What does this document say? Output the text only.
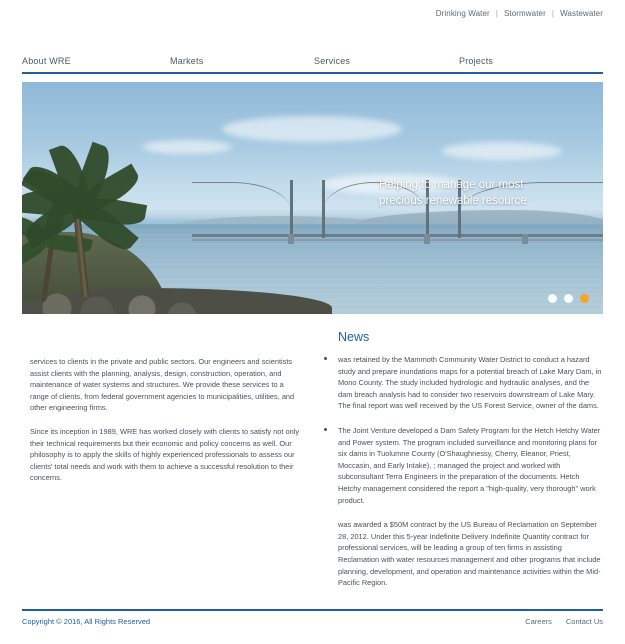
Drinking Water | Stormwater | Wastewater
About WRE	Markets	Services	Projects
Helping to manage our most
precious renewable resource

services to clients in the private and public sectors. Our engineers and scientists assist clients with the planning, analysis, design, construction, operation, and maintenance of water systems and structures. We provide these services to a range of clients, from federal government agencies to municipalities, utilities, and other engineering firms.

Since its inception in 1989, WRE has worked closely with clients to satisfy not only their technical requirements but their economic and policy concerns as well. Our philosophy is to apply the skills of highly experienced professionals to assess our clients' total needs and work with them to achieve a successful resolution to their concerns.

News
was retained by the Mammoth Community Water District to conduct a hazard study and prepare inundations maps for a potential breach of Lake Mary Dam, in Mono County. The study included hydrologic and hydraulic analyses, and the dam breach analysis had to consider two reservoirs downstream of Lake Mary. The final report was well received by the US Forest Service, owner of the dams.
The Joint Venture developed a Dam Safety Program for the Hetch Hetchy Water and Power system. The program included surveillance and monitoring plans for six dams in Tuolumne County (O'Shaughnessy, Cherry, Eleanor, Priest, Moccasin, and Early Intake), ; managed the project and worked with subconsultant Terra Engineers in the preparation of the documents. Hetch Hetchy management considered the report a "high-quality, very thorough" work product.
was awarded a $50M contract by the US Bureau of Reclamation on September 28, 2012. Under this 5-year Indefinite Delivery Indefinite Quantity contract for professional services, will be leading a group of ten firms in assisting Reclamation with water resources management and other programs that include planning, development, and operation and maintenance activities within the Mid-Pacific Region.
Copyright © 2016, All Rights Reserved	Careers Contact Us
